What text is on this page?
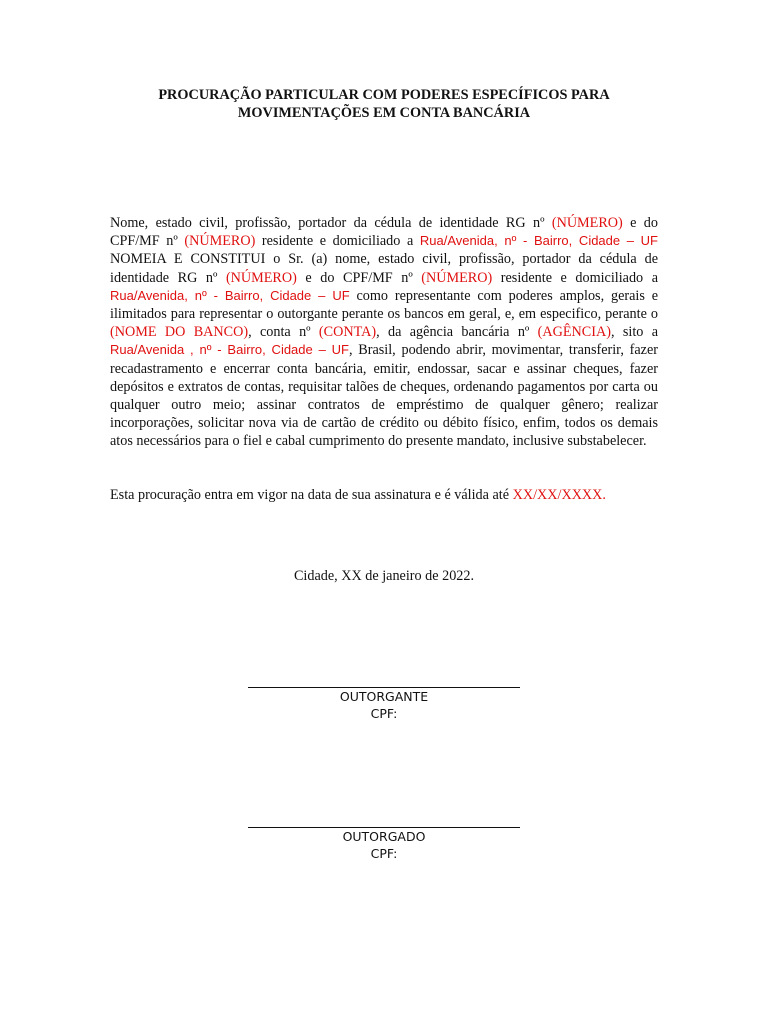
PROCURAÇÃO PARTICULAR COM PODERES ESPECÍFICOS PARA
MOVIMENTAÇÕES EM CONTA BANCÁRIA
Nome, estado civil, profissão, portador da cédula de identidade RG nº (NÚMERO) e do CPF/MF nº (NÚMERO) residente e domiciliado a Rua/Avenida, nº - Bairro, Cidade – UF NOMEIA E CONSTITUI o Sr. (a) nome, estado civil, profissão, portador da cédula de identidade RG nº (NÚMERO) e do CPF/MF nº (NÚMERO) residente e domiciliado a Rua/Avenida, nº - Bairro, Cidade – UF como representante com poderes amplos, gerais e ilimitados para representar o outorgante perante os bancos em geral, e, em especifico, perante o (NOME DO BANCO), conta nº (CONTA), da agência bancária nº (AGÊNCIA), sito a Rua/Avenida , nº - Bairro, Cidade – UF, Brasil, podendo abrir, movimentar, transferir, fazer recadastramento e encerrar conta bancária, emitir, endossar, sacar e assinar cheques, fazer depósitos e extratos de contas, requisitar talões de cheques, ordenando pagamentos por carta ou qualquer outro meio; assinar contratos de empréstimo de qualquer gênero; realizar incorporações, solicitar nova via de cartão de crédito ou débito físico, enfim, todos os demais atos necessários para o fiel e cabal cumprimento do presente mandato, inclusive substabelecer.
Esta procuração entra em vigor na data de sua assinatura e é válida até XX/XX/XXXX.
Cidade, XX de janeiro de 2022.
OUTORGANTE
CPF:
OUTORGADO
CPF:
